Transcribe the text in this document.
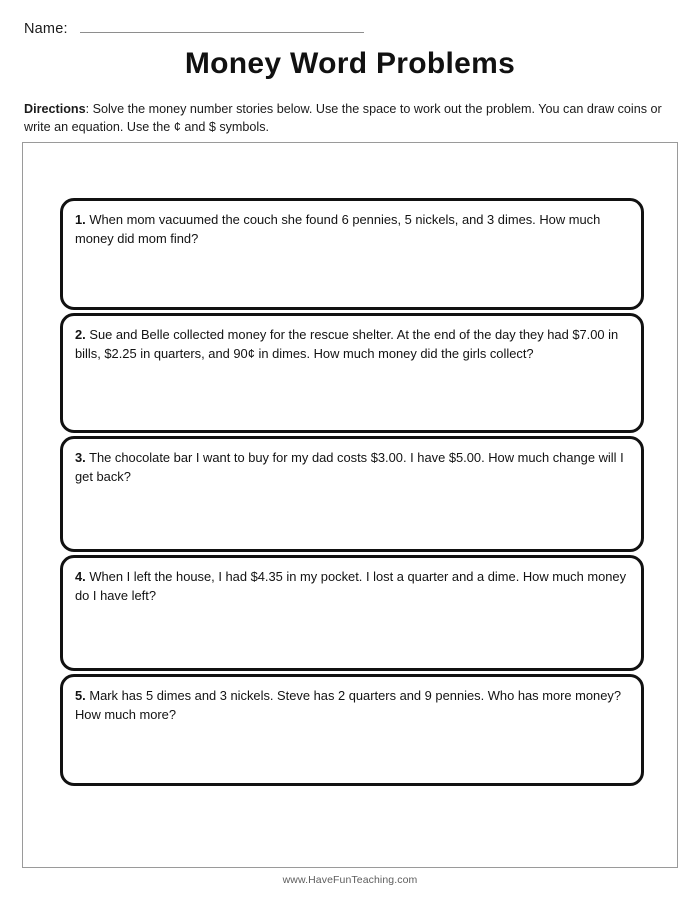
Name:
Money Word Problems
Directions: Solve the money number stories below. Use the space to work out the problem. You can draw coins or write an equation. Use the ¢ and $ symbols.

1. When mom vacuumed the couch she found 6 pennies, 5 nickels, and 3 dimes. How much money did mom find?

2. Sue and Belle collected money for the rescue shelter. At the end of the day they had $7.00 in bills, $2.25 in quarters, and 90¢ in dimes. How much money did the girls collect?

3. The chocolate bar I want to buy for my dad costs $3.00. I have $5.00. How much change will I get back?

4. When I left the house, I had $4.35 in my pocket. I lost a quarter and a dime. How much money do I have left?

5. Mark has 5 dimes and 3 nickels. Steve has 2 quarters and 9 pennies. Who has more money? How much more?

www.HaveFunTeaching.com
